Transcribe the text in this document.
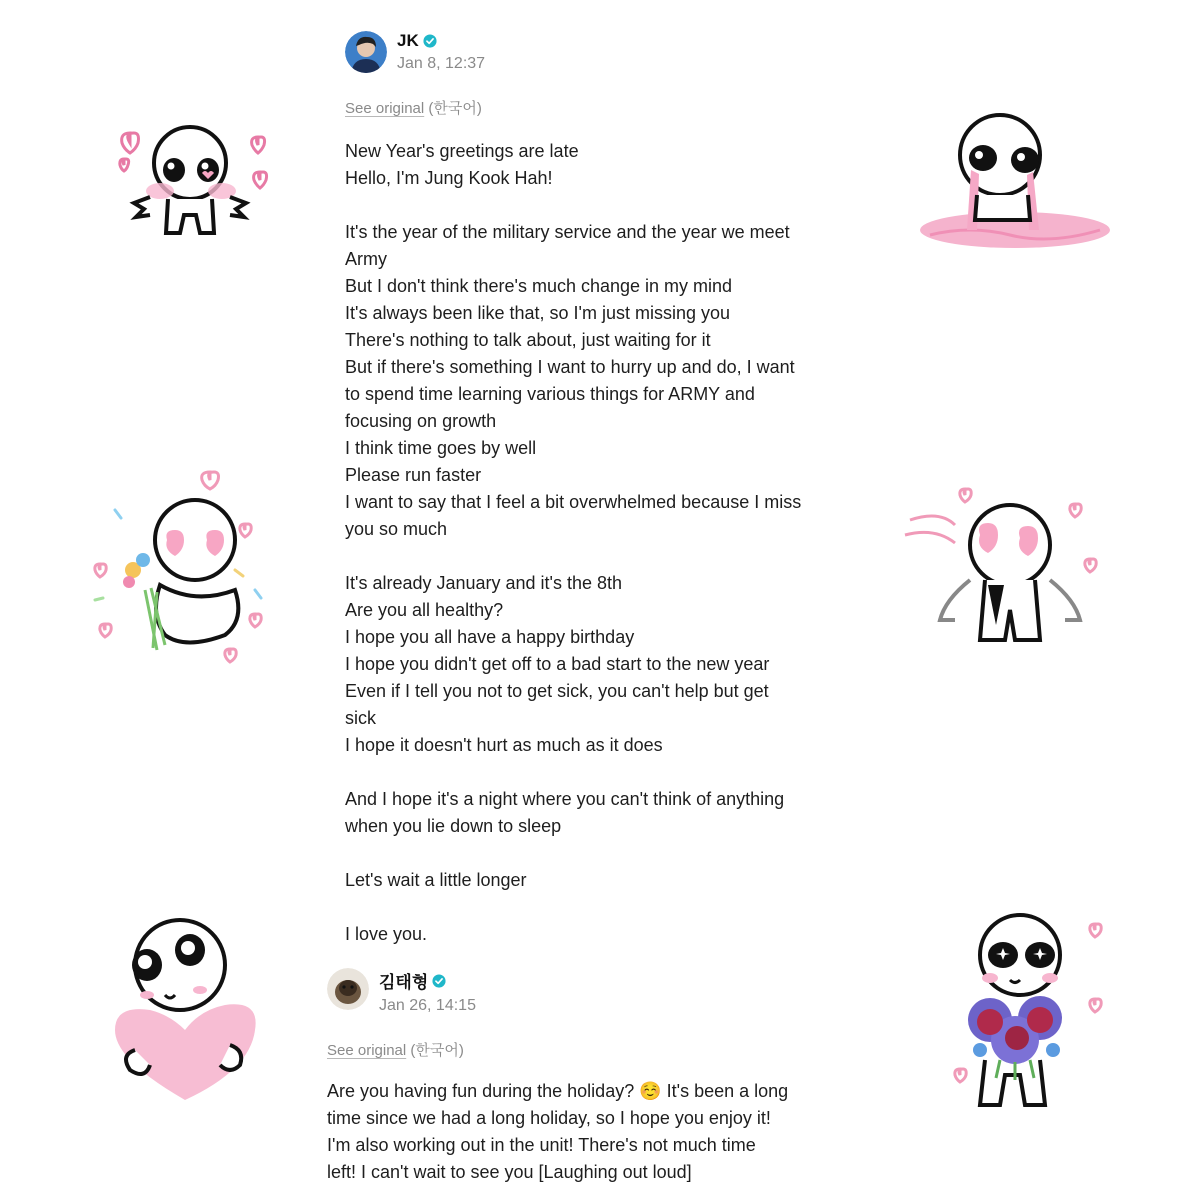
JK
Jan 8, 12:37
See original (한국어)
New Year's greetings are late
Hello, I'm Jung Kook Hah!
It's the year of the military service and the year we meet
Army
But I don't think there's much change in my mind
It's always been like that, so I'm just missing you
There's nothing to talk about, just waiting for it
But if there's something I want to hurry up and do, I want
to spend time learning various things for ARMY and
focusing on growth
I think time goes by well
Please run faster
I want to say that I feel a bit overwhelmed because I miss
you so much
It's already January and it's the 8th
Are you all healthy?
I hope you all have a happy birthday
I hope you didn't get off to a bad start to the new year
Even if I tell you not to get sick, you can't help but get
sick
I hope it doesn't hurt as much as it does
And I hope it's a night where you can't think of anything
when you lie down to sleep
Let's wait a little longer
I love you.
김태형
Jan 26, 14:15
See original (한국어)
Are you having fun during the holiday? ☺️ It's been a long
time since we had a long holiday, so I hope you enjoy it!
I'm also working out in the unit! There's not much time
left! I can't wait to see you [Laughing out loud]
